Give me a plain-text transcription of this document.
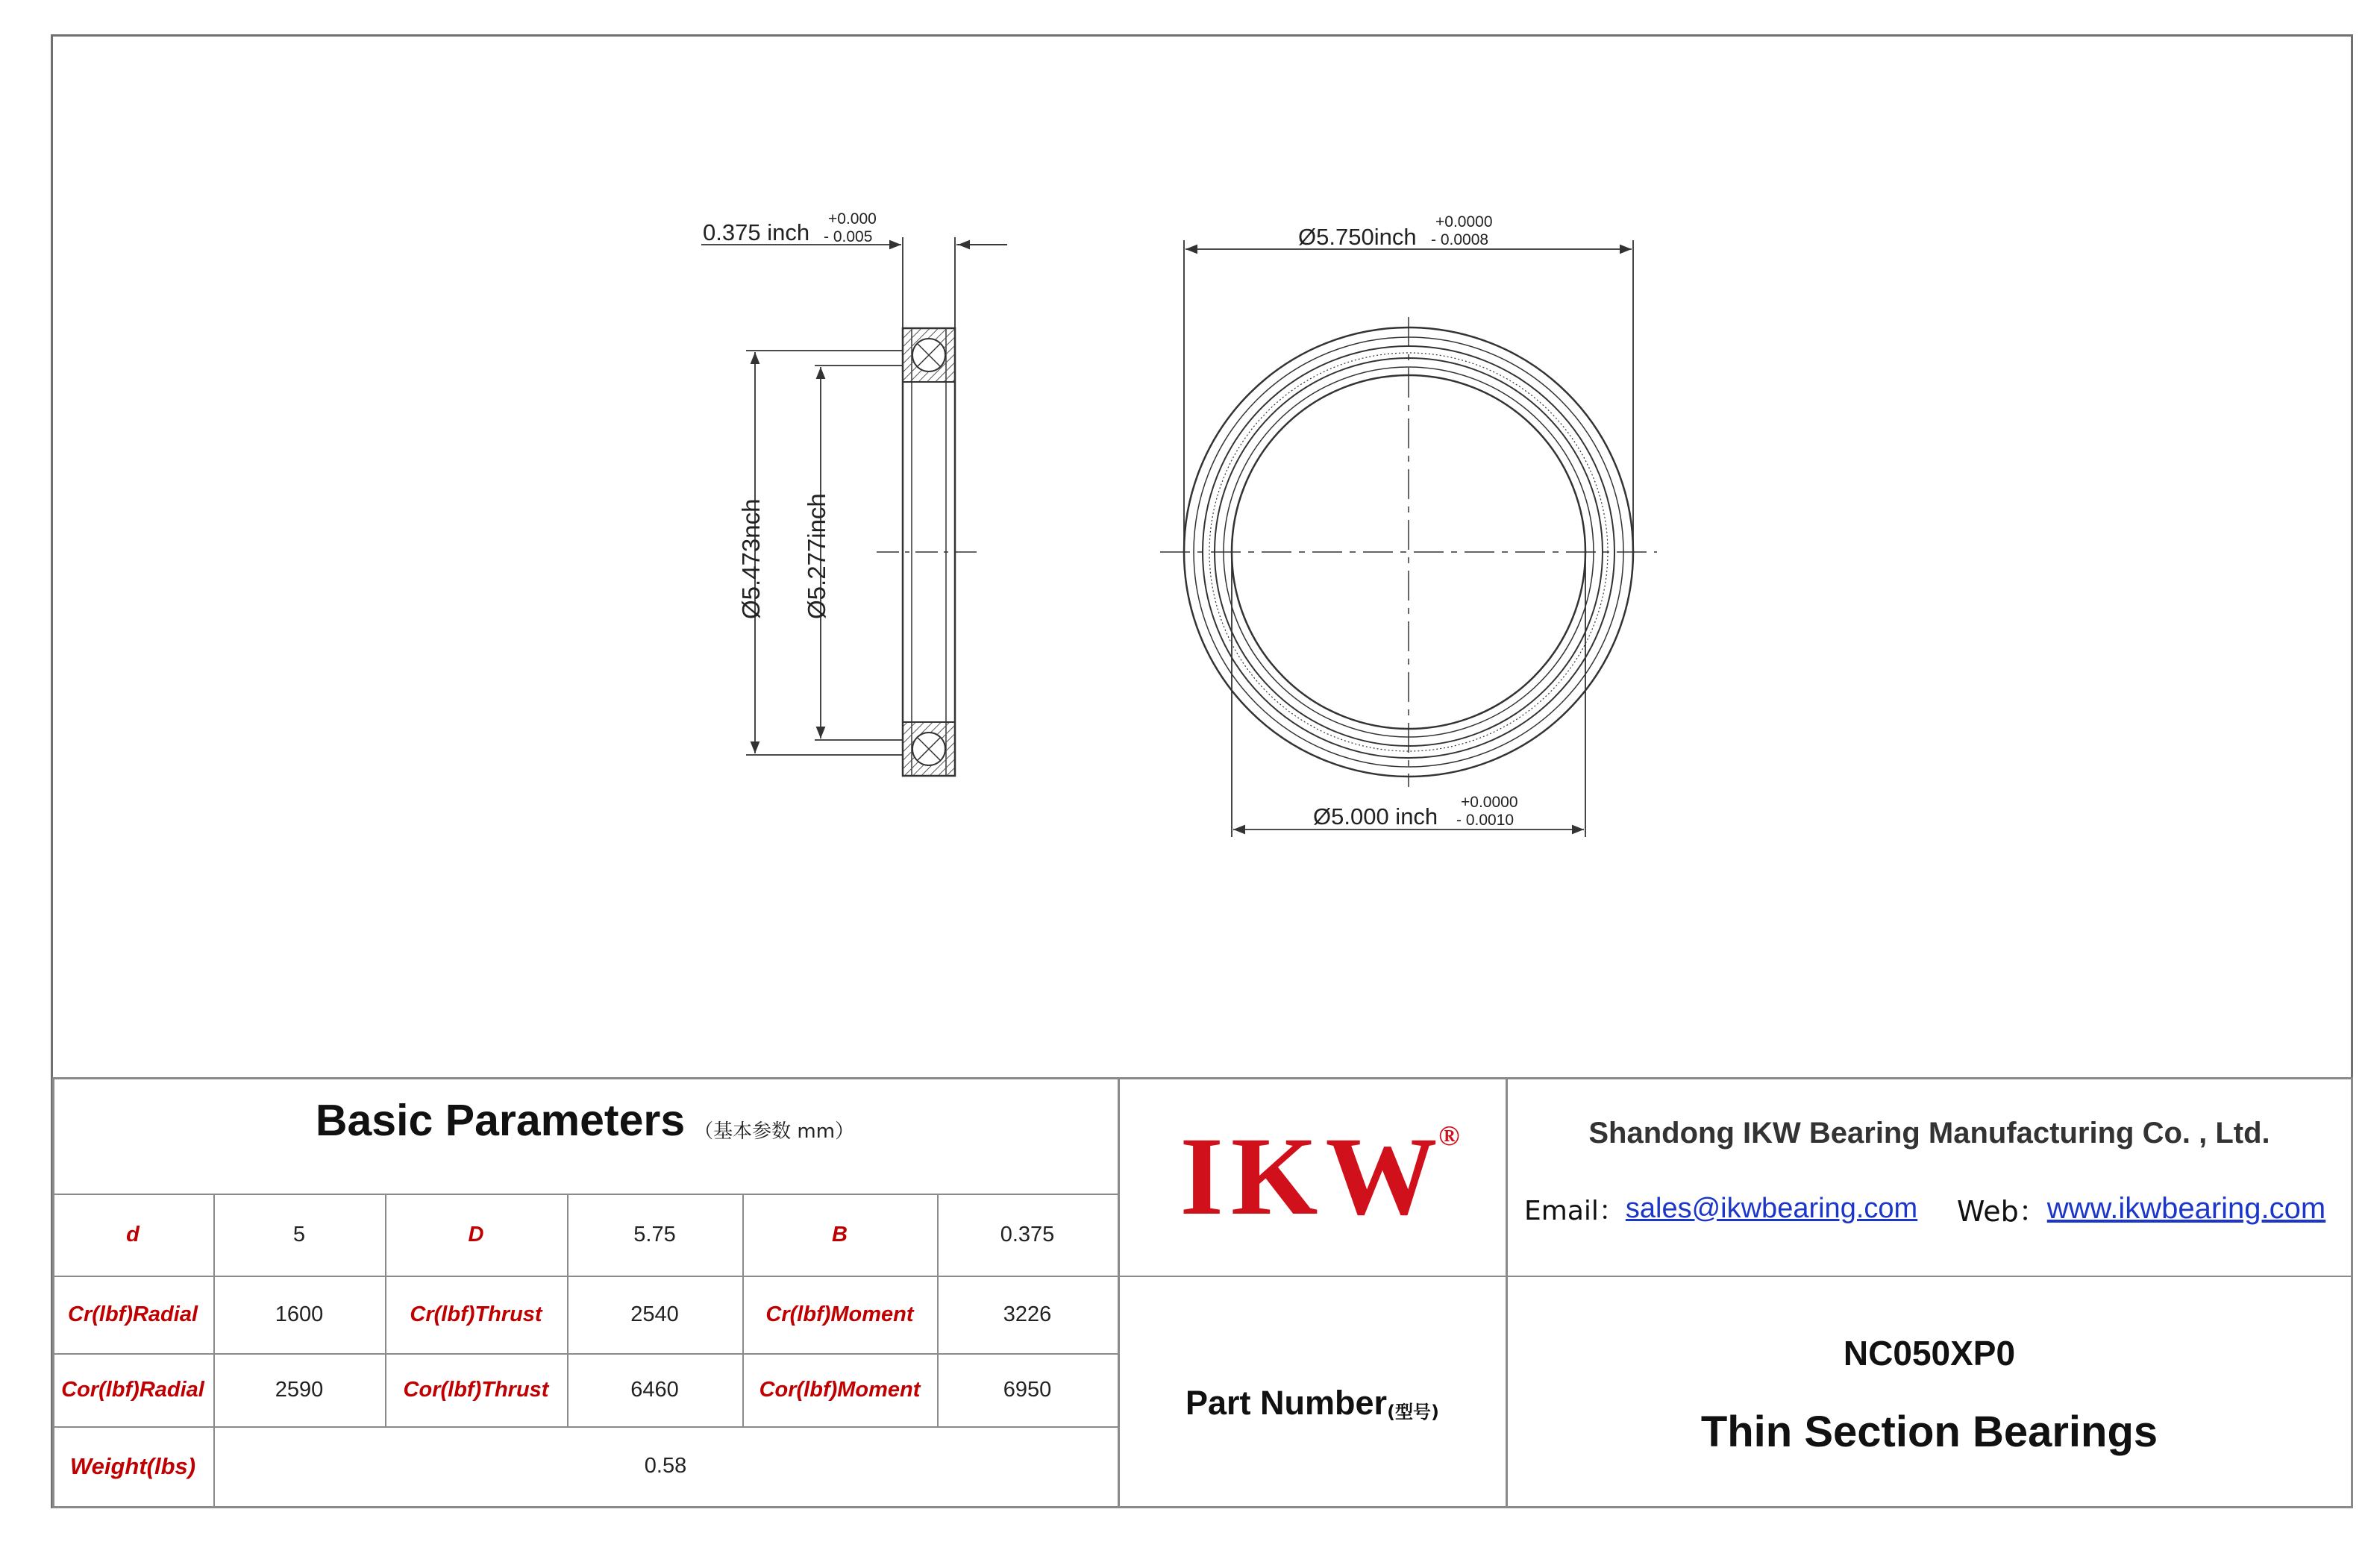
0.375 inch
+0.000
- 0.005
Ø5.473nch Ø5.277inch
Ø5.750inch
+0.0000
- 0.0008
Ø5.000 inch
+0.0000
- 0.0010
Basic Parameters （基本参数 mm）
d	5	D	5.75	B	0.375
Cr(lbf)Radial	1600	Cr(lbf)Thrust	2540	Cr(lbf)Moment	3226
Cor(lbf)Radial	2590	Cor(lbf)Thrust	6460	Cor(lbf)Moment	6950
Weight(lbs)	0.58
IKW
®
Part Number (型号)
Shandong IKW Bearing Manufacturing Co. , Ltd.
Email： sales@ikwbearing.com	Web： www.ikwbearing.com
NC050XP0
Thin Section Bearings
